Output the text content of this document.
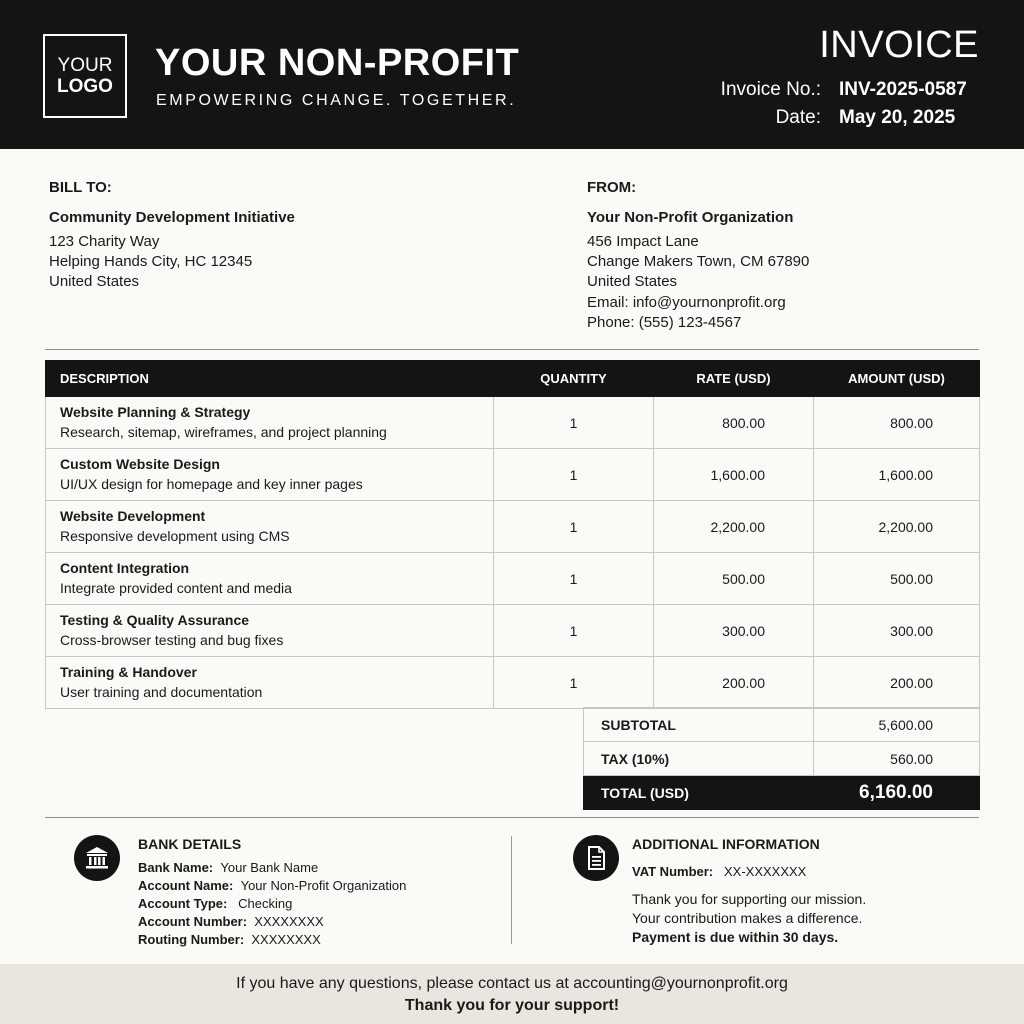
YOUR
LOGO
YOUR NON-PROFIT
EMPOWERING CHANGE. TOGETHER.
INVOICE
Invoice No.: INV-2025-0587
Date: May 20, 2025
BILL TO:
Community Development Initiative
123 Charity Way
Helping Hands City, HC 12345
United States
FROM:
Your Non-Profit Organization
456 Impact Lane
Change Makers Town, CM 67890
United States
Email: info@yournonprofit.org
Phone: (555) 123-4567
DESCRIPTION	QUANTITY	RATE (USD)	AMOUNT (USD)

Website Planning & Strategy
Research, sitemap, wireframes, and project planning	1	800.00	800.00

Custom Website Design
UI/UX design for homepage and key inner pages	1	1,600.00	1,600.00

Website Development
Responsive development using CMS	1	2,200.00	2,200.00

Content Integration
Integrate provided content and media	1	500.00	500.00

Testing & Quality Assurance
Cross-browser testing and bug fixes	1	300.00	300.00

Training & Handover
User training and documentation	1	200.00	200.00
SUBTOTAL	5,600.00
TAX (10%)	560.00
TOTAL (USD)	6,160.00
BANK DETAILS
Bank Name: Your Bank Name
Account Name: Your Non-Profit Organization
Account Type: Checking
Account Number: XXXXXXXX
Routing Number: XXXXXXXX
ADDITIONAL INFORMATION
VAT Number: XX-XXXXXXX
Thank you for supporting our mission.
Your contribution makes a difference.
Payment is due within 30 days.
If you have any questions, please contact us at accounting@yournonprofit.org
Thank you for your support!
